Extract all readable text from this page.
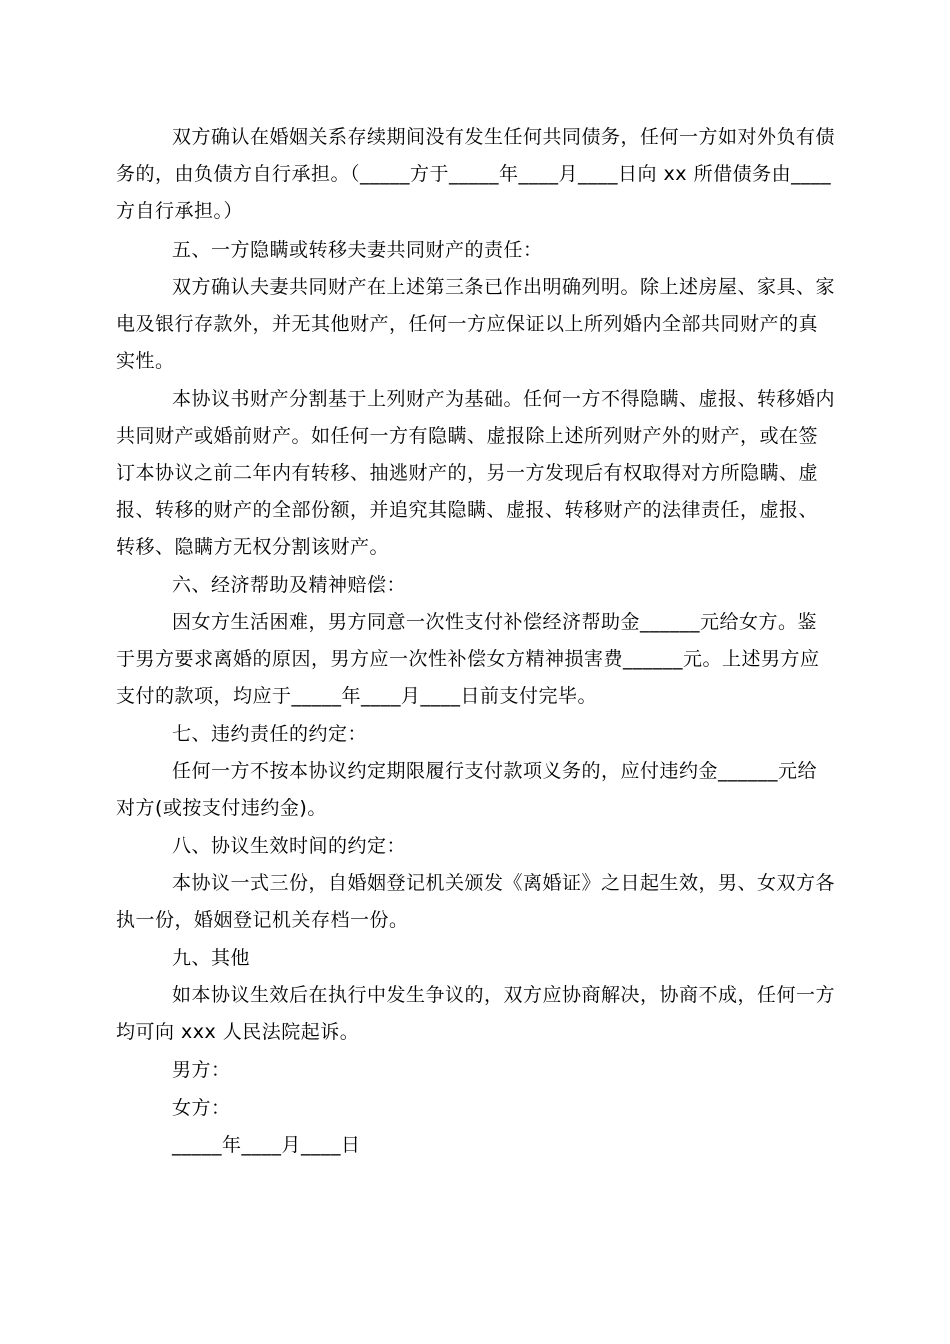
双方确认在婚姻关系存续期间没有发生任何共同债务，任何一方如对外负有债务的，由负债方自行承担。（_____方于_____年____月____日向 xx 所借债务由____方自行承担。）
五、一方隐瞒或转移夫妻共同财产的责任：
双方确认夫妻共同财产在上述第三条已作出明确列明。除上述房屋、家具、家电及银行存款外，并无其他财产，任何一方应保证以上所列婚内全部共同财产的真实性。
本协议书财产分割基于上列财产为基础。任何一方不得隐瞒、虚报、转移婚内共同财产或婚前财产。如任何一方有隐瞒、虚报除上述所列财产外的财产，或在签订本协议之前二年内有转移、抽逃财产的，另一方发现后有权取得对方所隐瞒、虚报、转移的财产的全部份额，并追究其隐瞒、虚报、转移财产的法律责任，虚报、转移、隐瞒方无权分割该财产。
六、经济帮助及精神赔偿：
因女方生活困难，男方同意一次性支付补偿经济帮助金______元给女方。鉴于男方要求离婚的原因，男方应一次性补偿女方精神损害费______元。上述男方应支付的款项，均应于_____年____月____日前支付完毕。
七、违约责任的约定：
任何一方不按本协议约定期限履行支付款项义务的，应付违约金______元给对方(或按支付违约金)。
八、协议生效时间的约定：
本协议一式三份，自婚姻登记机关颁发《离婚证》之日起生效，男、女双方各执一份，婚姻登记机关存档一份。
九、其他
如本协议生效后在执行中发生争议的，双方应协商解决，协商不成，任何一方均可向 xxx 人民法院起诉。
男方：
女方：
_____年____月____日
